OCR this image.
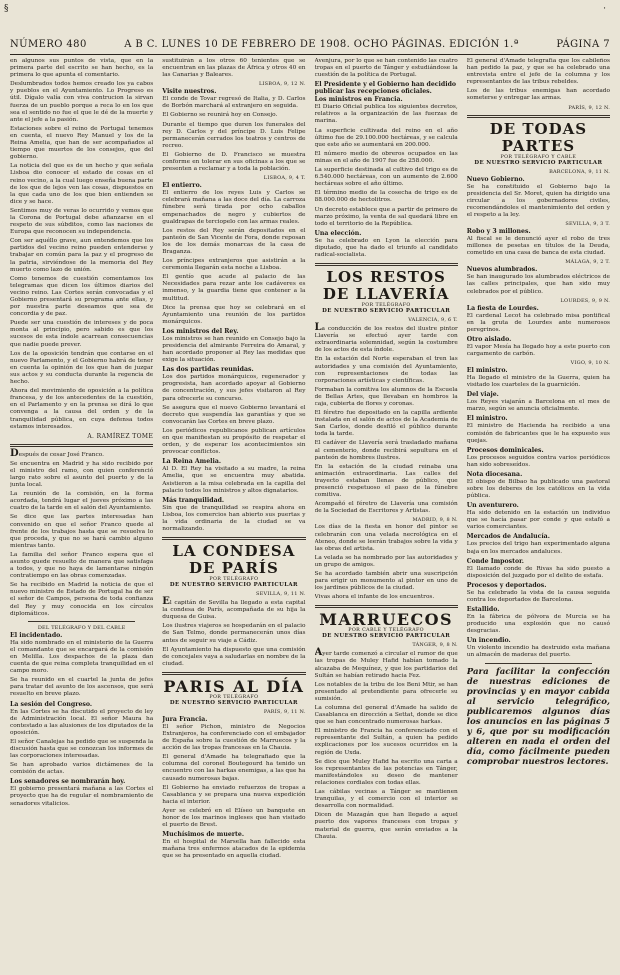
§	·
NÚMERO 480	A B C. LUNES 10 DE FEBRERO DE 1908. OCHO PÁGINAS. EDICIÓN 1.ª	PÁGINA 7

en algunos sus puntos de vista, que en la primera parte del escrito se han hecho, es la primera lo que apunta el comentario.

Deslumbrados todos hemos creado los ya cabos y pueblos en el Ayuntamiento. Lo Progreso es útil. Dígalo valía con viva contrucion la sirvan fuerza de un pueblo porque a reca lo en los que sea el sentido no fue el que le dé de la muerte y ante el jefe a la pasión.

Estaciones sobre el reino de Portugal tenemos en cuenta, el nuevo Rey Manuel y los de la Reina Amelia, que han de ser acompañados al tiempo que muertos de los consejos, que del gobierno.

La noticia del que es de un hecho y que señala Lisboa dio conocer el estado de cosas en el reino vecino, a la cual luego enseña buena parte de los que de lejos ven las cosas, dispuestos en la que cada uno de los que bien entienden se dice y se hace.

Sentimos muy de veras lo ocurrido y vemos que la Corona de Portugal debe afianzarse en el respeto de sus súbditos, como las naciones de Europa que reconocen su independencia.

Con ser aquéllo grave, aun entendemos que los partidos del vecino reino pueden entenderse y trabajar en común para la paz y el progreso de la patria, sirviéndose de la memoria del Rey muerto como lazo de unión.

Como tenemos de cuestión comentamos los telegramas que dicen los últimos diarios del vecino reino. Las Cortes serán convocadas y el Gobierno presentará su programa ante ellas, y por nuestra parte deseamos que sea de concordia y de paz.

Puede ser una cuestión de intereses y de poca monta al principio, pero sabido es que los sucesos de esta índole acarrean consecuencias que nadie puede prever.

Los de la oposición tendrán que contarse en el nuevo Parlamento, y el Gobierno habrá de tener en cuenta la opinión de los que han de juzgar sus actos y su conducta durante la regencia de hecho.

Ahora del movimiento de oposición a la política francesa, y de los antecedentes de la cuestión, en el Parlamento y en la prensa se dirá lo que convenga a la causa del orden y de la tranquilidad pública, en cuya defensa todos estamos interesados.

A. RAMÍREZ TOME

Después de cesar José Franco.

Se encuentra en Madrid y ha sido recibido por el ministro del ramo, con quien conferenció largo rato sobre el asunto del puerto y de la junta local.

La reunión de la comisión, en la forma acordada, tendrá lugar el jueves próximo a las cuatro de la tarde en el salón del Ayuntamiento.

Se dice que las partes interesadas han convenido en que el señor Franco quede al frente de los trabajos hasta que se resuelva lo que proceda, y que no se hará cambio alguno mientras tanto.

La familia del señor Franco espera que el asunto quede resuelto de manera que satisfaga a todos, y que no haya de lamentarse ningún contratiempo en las obras comenzadas.

Se ha recibido en Madrid la noticia de que el nuevo ministro de Estado de Portugal ha de ser el señor de Campos, persona de toda confianza del Rey y muy conocida en los círculos diplomáticos.

DEL TELÉGRAFO Y DEL CABLE
El incidentado.

Ha sido nombrado en el ministerio de la Guerra el comandante que se encargará de la comisión en Melilla. Los despachos de la plaza dan cuenta de que reina completa tranquilidad en el campo moro.

Se ha reunido en el cuartel la junta de jefes para tratar del asunto de los ascensos, que será resuelto en breve plazo.

La sesión del Congreso.

En las Cortes se ha discutido el proyecto de ley de Administración local. El señor Maura ha contestado a las alusiones de los diputados de la oposición.

El señor Canalejas ha pedido que se suspenda la discusión hasta que se conozcan los informes de las corporaciones interesadas.

Se han aprobado varios dictámenes de la comisión de actas.

Los senadores se nombrarán hoy.

El gobierno presentará mañana a las Cortes el proyecto que ha de regular el nombramiento de senadores vitalicios.

sustituirán a los otros 60 tenientes que se encuentran en las plazas de África y otros 40 en las Canarias y Baleares.

LISBOA, 9, 12 N.
Visite nuestros.

El conde de Tovar regresó de Italia, y D. Carlos de Borbón marchará al extranjero en seguida.

El Gobierno se reunirá hoy en Consejo.

Durante el tiempo que duren los funerales del rey D. Carlos y del príncipe D. Luis Felipe permanecerán cerrados los teatros y centros de recreo.

El Gobierno de D. Francisco se muestra conforme en tolerar en sus oficinas a los que se presenten a reclamar y a toda la población.

LISBOA, 9, 4 T.
El entierro.

El entierro de los reyes Luis y Carlos se celebrará mañana a las doce del día. La carroza fúnebre será tirada por ocho caballos empenachados de negro y cubiertos de gualdrapas de terciopelo con las armas reales.

Los restos del Rey serán depositados en el panteón de San Vicente de Fora, donde reposan los de los demás monarcas de la casa de Braganza.

Los príncipes extranjeros que asistirán a la ceremonia llegarán esta noche a Lisboa.

El gentío que acude al palacio de las Necesidades para rezar ante los cadáveres es inmenso, y la guardia tiene que contener a la multitud.

Dice la prensa que hoy se celebrará en el Ayuntamiento una reunión de los partidos monárquicos.

Los ministros del Rey.

Los ministros se han reunido en Consejo bajo la presidencia del almirante Ferreira do Amaral, y han acordado proponer al Rey las medidas que exige la situación.

Las dos partidas reunidas.

Los dos partidos monárquicos, regenerador y progresista, han acordado apoyar al Gobierno de concentración, y sus jefes visitaron al Rey para ofrecerle su concurso.

Se asegura que el nuevo Gobierno levantará el decreto que suspendía las garantías y que se convocarán las Cortes en breve plazo.

Los periódicos republicanos publican artículos en que manifiestan su propósito de respetar el orden, y de esperar los acontecimientos sin provocar conflictos.

La Reina Amelia.

Al D. El Rey ha visitado a su madre, la reina Amelia, que se encuentra muy abatida. Asistieron a la misa celebrada en la capilla del palacio todos los ministros y altos dignatarios.

Más tranquilidad.

Sin que de tranquilidad se respira ahora en Lisboa, los comercios han abierto sus puertas y la vida ordinaria de la ciudad se va normalizando.

LA CONDESA DE PARÍS
POR TELÉGRAFO
DE NUESTRO SERVICIO PARTICULAR
SEVILLA, 9, 11 N.

El capitán de Sevilla ha llegado a esta capital la condesa de París, acompañada de su hija la duquesa de Guisa.

Los ilustres viajeros se hospedarán en el palacio de San Telmo, donde permanecerán unos días antes de seguir su viaje a Cádiz.

El Ayuntamiento ha dispuesto que una comisión de concejales vaya a saludarlas en nombre de la ciudad.

PARIS AL DÍA
POR TELÉGRAFO
DE NUESTRO SERVICIO PARTICULAR
PARÍS, 9, 11 N.
Jura Francia.

El señor Pichon, ministro de Negocios Extranjeros, ha conferenciado con el embajador de España sobre la cuestión de Marruecos y la acción de las tropas francesas en la Chauia.

El general d'Amade ha telegrafiado que la columna del coronel Boutegourd ha tenido un encuentro con las harkas enemigas, a las que ha causado numerosas bajas.

El Gobierno ha enviado refuerzos de tropas a Casablanca y se prepara una nueva expedición hacia el interior.

Ayer se celebró en el Elíseo un banquete en honor de los marinos ingleses que han visitado el puerto de Brest.

Muchísimos de muerte.

En el hospital de Marsella han fallecido esta mañana tres enfermos atacados de la epidemia que se ha presentado en aquella ciudad.

Avenjura, por lo que se han contenido las cuatro tropas en el puerto de Tánger y estudiándose la cuestión de la política de Portugal.

El Presidente y el Gobierno han decidido publicar las recepciones oficiales.
Los ministros en Francia.

El Diario Oficial publica los siguientes decretos, relativos a la organización de las fuerzas de marina.

La superficie cultivada del reino en el año último fue de 29.100.000 hectáreas, y se calcula que este año se aumentará en 200.000.

El número medio de obreros ocupados en las minas en el año de 1907 fue de 258.000.

La superficie destinada al cultivo del trigo es de 6.540.000 hectáreas, con un aumento de 2.600 hectáreas sobre el año último.

El término medio de la cosecha de trigo es de 88.000.000 de hectolitros.

Un decreto establece que a partir de primero de marzo próximo, la venta de sal quedará libre en todo el territorio de la República.

Una elección.

Se ha celebrado en Lyon la elección para diputado, que ha dado el triunfo al candidato radical-socialista.

LOS RESTOS DE LLAVERÍA
POR TELÉGRAFO
DE NUESTRO SERVICIO PARTICULAR
VALENCIA, 9, 6 T.

La conducción de los restos del ilustre pintor Llavería se efectuó ayer tarde con extraordinaria solemnidad, según la costumbre de los actos de esta índole.

En la estación del Norte esperaban el tren las autoridades y una comisión del Ayuntamiento, con representaciones de todas las corporaciones artísticas y científicas.

Formaban la comitiva los alumnos de la Escuela de Bellas Artes, que llevaban en hombros la caja, cubierta de flores y coronas.

El féretro fue depositado en la capilla ardiente instalada en el salón de actos de la Academia de San Carlos, donde desfiló el público durante toda la tarde.

El cadáver de Llavería será trasladado mañana al cementerio, donde recibirá sepultura en el panteón de hombres ilustres.

En la estación de la ciudad reinaba una animación extraordinaria. Las calles del trayecto estaban llenas de público, que presenció respetuoso el paso de la fúnebre comitiva.

Acompañó el féretro de Llavería una comisión de la Sociedad de Escritores y Artistas.

MADRID, 9, 8 N.

Los días de la fiesta en honor del pintor se celebrarán con una velada necrológica en el Ateneo, donde se leerán trabajos sobre la vida y las obras del artista.

La velada se ha nombrado por las autoridades y un grupo de amigos.

Se ha acordado también abrir una suscripción para erigir un monumento al pintor en uno de los jardines públicos de la ciudad.

Vivas ahora el infante de los encuentros.

MARRUECOS
POR CABLE Y TELÉGRAFO
DE NUESTRO SERVICIO PARTICULAR
TÁNGER, 9, 8 N.

Ayer tarde comenzó a circular el rumor de que las tropas de Muley Hafid habían tomado la alcazaba de Mequínez, y que los partidarios del Sultán se habían retirado hacia Fez.

Los notables de la tribu de los Beni Mtir, se han presentado al pretendiente para ofrecerle su sumisión.

La columna del general d'Amade ha salido de Casablanca en dirección a Settat, donde se dice que se han concentrado numerosas harkas.

El ministro de Francia ha conferenciado con el representante del Sultán, a quien ha pedido explicaciones por los sucesos ocurridos en la región de Uxda.

Se dice que Muley Hafid ha escrito una carta a los representantes de las potencias en Tánger, manifestándoles su deseo de mantener relaciones cordiales con todas ellas.

Las cábilas vecinas a Tánger se mantienen tranquilas, y el comercio con el interior se desarrolla con normalidad.

Dicen de Mazagán que han llegado a aquel puerto dos vapores franceses con tropas y material de guerra, que serán enviados a la Chauia.

El general d'Amade telegrafía que los cabileños han pedido la paz, y que se ha celebrado una entrevista entre el jefe de la columna y los representantes de las tribus rebeldes.

Los de las tribus enemigas han acordado someterse y entregar las armas.

PARÍS, 9, 12 N.
DE TODAS PARTES
POR TELÉGRAFO Y CABLE
DE NUESTRO SERVICIO PARTICULAR
BARCELONA, 9, 11 N.
Nuevo Gobierno.

Se ha constituido el Gobierno bajo la presidencia del Sr. Moret, quien ha dirigido una circular a los gobernadores civiles, recomendándoles el mantenimiento del orden y el respeto a la ley.

SEVILLA, 9, 3 T.
Robo y 3 millones.

Al fiscal se le denunció ayer el robo de tres millones de pesetas en títulos de la Deuda, cometido en una casa de banca de esta ciudad.

MÁLAGA, 9, 2 T.
Nuevos alumbrados.

Se han inaugurado los alumbrados eléctricos de las calles principales, que han sido muy celebrados por el público.

LOURDES, 9, 9 N.
La fiesta de Lourdes.

El cardenal Lecot ha celebrado misa pontifical en la gruta de Lourdes ante numerosos peregrinos.

Otro aislado.

El vapor Mesía ha llegado hoy a este puerto con cargamento de carbón.

VIGO, 9, 10 N.
El ministro.

Ha llegado el ministro de la Guerra, quien ha visitado los cuarteles de la guarnición.

Del viaje.

Los Reyes viajarán a Barcelona en el mes de marzo, según se anuncia oficialmente.

El ministro.

El ministro de Hacienda ha recibido a una comisión de fabricantes que le ha expuesto sus quejas.

Procesos dominicales.

Los procesos seguidos contra varios periódicos han sido sobreseídos.

Nota diocesana.

El obispo de Bilbao ha publicado una pastoral sobre los deberes de los católicos en la vida pública.

Un aventurero.

Ha sido detenido en la estación un individuo que se hacía pasar por conde y que estafó a varios comerciantes.

Mercados de Andalucía.

Los precios del trigo han experimentado alguna baja en los mercados andaluces.

Conde Impostor.

El llamado conde de Rivas ha sido puesto a disposición del juzgado por el delito de estafa.

Procesos y deportados.

Se ha celebrado la vista de la causa seguida contra los deportados de Barcelona.

Estallido.

En la fábrica de pólvora de Murcia se ha producido una explosión que no causó desgracias.

Un incendio.

Un violento incendio ha destruido esta mañana un almacén de maderas del puerto.

Para facilitar la confección de nuestras ediciones de provincias y en mayor cabida al servicio telegráfico, publicaremos algunos días los anuncios en las páginas 5 y 6, que por su modificación alteren en nada el orden del día, como fácilmente pueden comprobar nuestros lectores.
